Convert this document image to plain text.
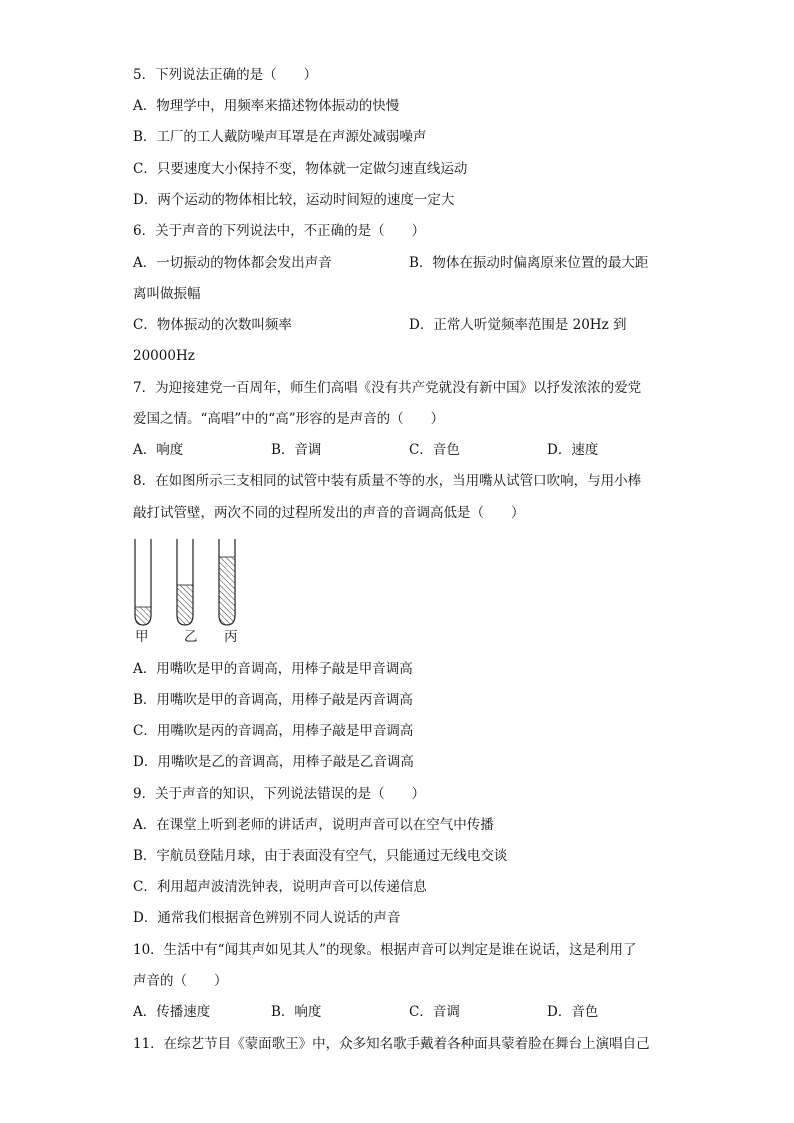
5．下列说法正确的是（　　）
A．物理学中，用频率来描述物体振动的快慢
B．工厂的工人戴防噪声耳罩是在声源处减弱噪声
C．只要速度大小保持不变，物体就一定做匀速直线运动
D．两个运动的物体相比较，运动时间短的速度一定大
6．关于声音的下列说法中，不正确的是（　　）
A．一切振动的物体都会发出声音	B．物体在振动时偏离原来位置的最大距
离叫做振幅
C．物体振动的次数叫频率	D．正常人听觉频率范围是 20Hz 到
20000Hz
7．为迎接建党一百周年，师生们高唱《没有共产党就没有新中国》以抒发浓浓的爱党
爱国之情。“高唱”中的“高”形容的是声音的（　　）
A．响度	B．音调	C．音色	D．速度
8．在如图所示三支相同的试管中装有质量不等的水，当用嘴从试管口吹响，与用小棒
敲打试管壁，两次不同的过程所发出的声音的音调高低是（　　）
甲	乙 丙
A．用嘴吹是甲的音调高，用棒子敲是甲音调高
B．用嘴吹是甲的音调高，用棒子敲是丙音调高
C．用嘴吹是丙的音调高，用棒子敲是甲音调高
D．用嘴吹是乙的音调高，用棒子敲是乙音调高
9．关于声音的知识，下列说法错误的是（　　）
A．在课堂上听到老师的讲话声，说明声音可以在空气中传播
B．宇航员登陆月球，由于表面没有空气，只能通过无线电交谈
C．利用超声波清洗钟表，说明声音可以传递信息
D．通常我们根据音色辨别不同人说话的声音
10．生活中有“闻其声如见其人”的现象。根据声音可以判定是谁在说话，这是利用了
声音的（　　）
A．传播速度	B．响度	C．音调	D．音色
11．在综艺节目《蒙面歌王》中，众多知名歌手戴着各种面具蒙着脸在舞台上演唱自己
